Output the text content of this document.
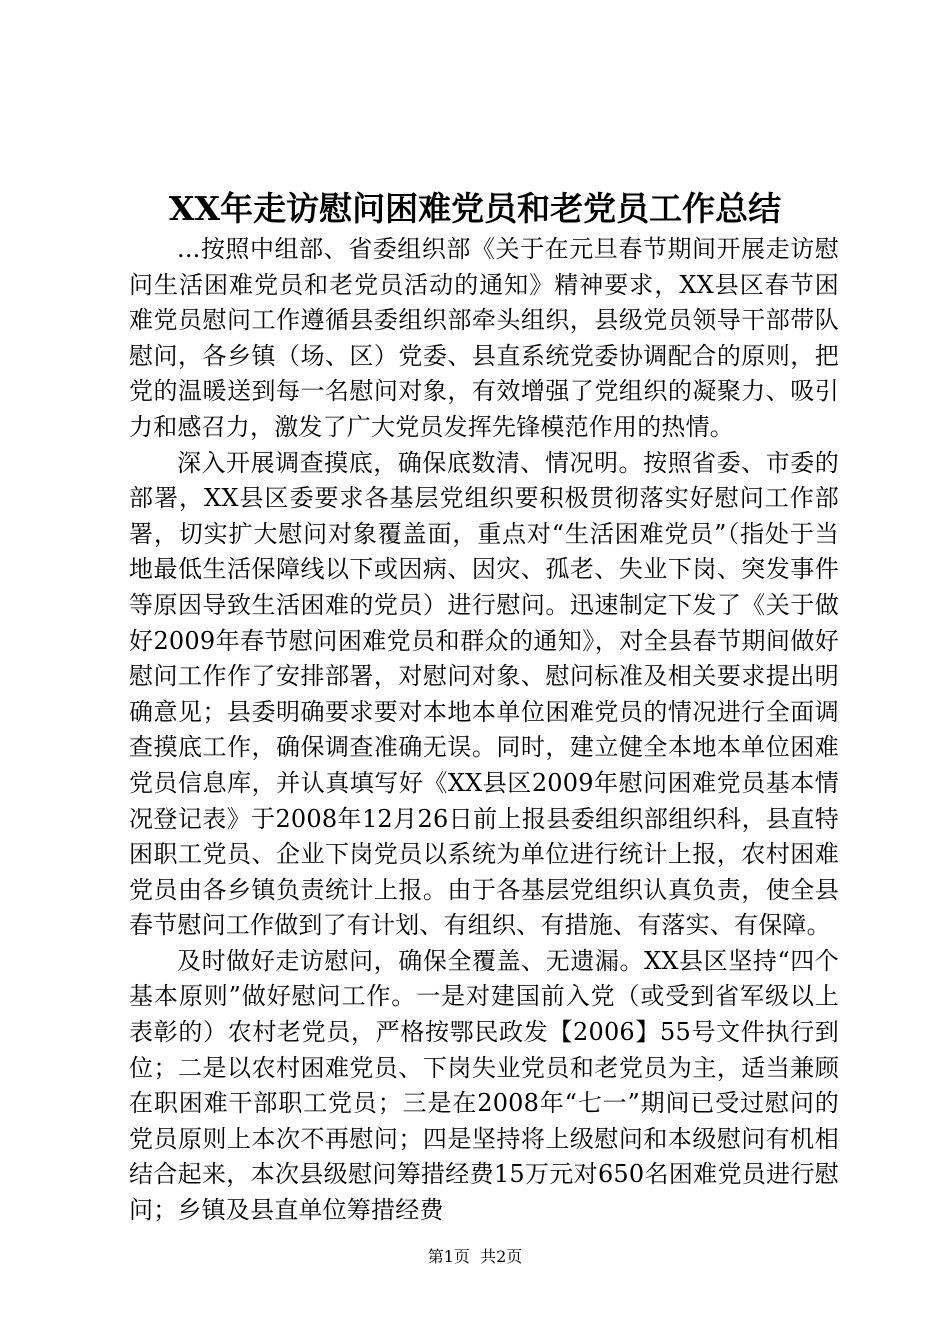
XX年走访慰问困难党员和老党员工作总结

...按照中组部、省委组织部《关于在元旦春节期间开展走访慰问生活困难党员和老党员活动的通知》精神要求，XX县区春节困难党员慰问工作遵循县委组织部牵头组织，县级党员领导干部带队慰问，各乡镇（场、区）党委、县直系统党委协调配合的原则，把党的温暖送到每一名慰问对象，有效增强了党组织的凝聚力、吸引力和感召力，激发了广大党员发挥先锋模范作用的热情。

深入开展调查摸底，确保底数清、情况明。按照省委、市委的部署，XX县区委要求各基层党组织要积极贯彻落实好慰问工作部署，切实扩大慰问对象覆盖面，重点对“生活困难党员”（指处于当地最低生活保障线以下或因病、因灾、孤老、失业下岗、突发事件等原因导致生活困难的党员）进行慰问。迅速制定下发了《关于做好2009年春节慰问困难党员和群众的通知》，对全县春节期间做好慰问工作作了安排部署，对慰问对象、慰问标准及相关要求提出明确意见；县委明确要求要对本地本单位困难党员的情况进行全面调查摸底工作，确保调查准确无误。同时，建立健全本地本单位困难党员信息库，并认真填写好《XX县区2009年慰问困难党员基本情况登记表》于2008年12月26日前上报县委组织部组织科，县直特困职工党员、企业下岗党员以系统为单位进行统计上报，农村困难党员由各乡镇负责统计上报。由于各基层党组织认真负责，使全县春节慰问工作做到了有计划、有组织、有措施、有落实、有保障。

及时做好走访慰问，确保全覆盖、无遗漏。XX县区坚持“四个基本原则”做好慰问工作。一是对建国前入党（或受到省军级以上表彰的）农村老党员，严格按鄂民政发【2006】55号文件执行到位；二是以农村困难党员、下岗失业党员和老党员为主，适当兼顾在职困难干部职工党员；三是在2008年“七一”期间已受过慰问的党员原则上本次不再慰问；四是坚持将上级慰问和本级慰问有机相结合起来，本次县级慰问筹措经费15万元对650名困难党员进行慰问；乡镇及县直单位筹措经费

第1页  共2页
